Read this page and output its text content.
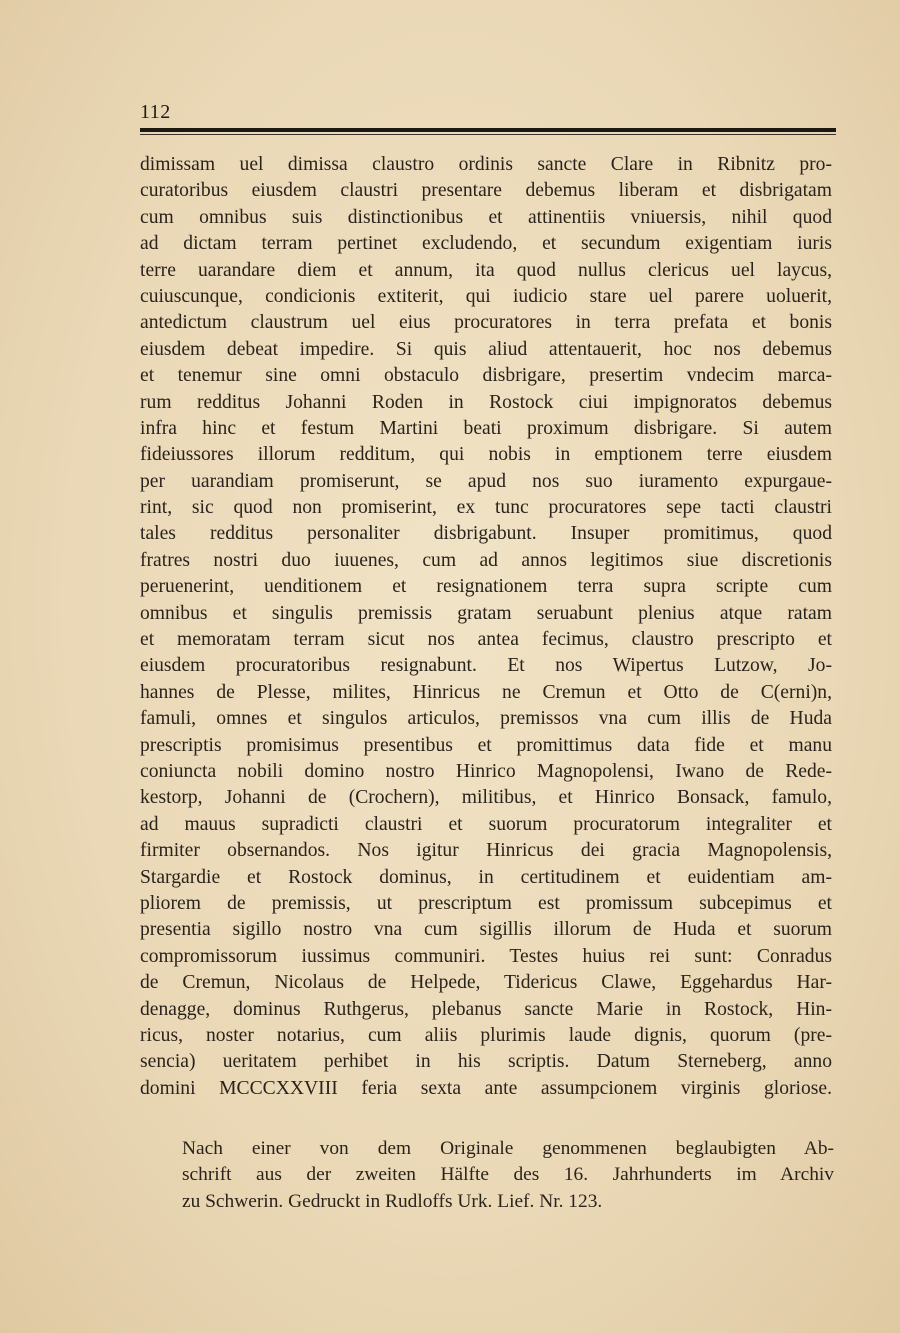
112
dimissam uel dimissa claustro ordinis sancte Clare in Ribnitz pro-
curatoribus eiusdem claustri presentare debemus liberam et disbrigatam
cum omnibus suis distinctionibus et attinentiis vniuersis, nihil quod
ad dictam terram pertinet excludendo, et secundum exigentiam iuris
terre uarandare diem et annum, ita quod nullus clericus uel laycus,
cuiuscunque, condicionis extiterit, qui iudicio stare uel parere uoluerit,
antedictum claustrum uel eius procuratores in terra prefata et bonis
eiusdem debeat impedire. Si quis aliud attentauerit, hoc nos debemus
et tenemur sine omni obstaculo disbrigare, presertim vndecim marca-
rum redditus Johanni Roden in Rostock ciui impignoratos debemus
infra hinc et festum Martini beati proximum disbrigare. Si autem
fideiussores illorum redditum, qui nobis in emptionem terre eiusdem
per uarandiam promiserunt, se apud nos suo iuramento expurgaue-
rint, sic quod non promiserint, ex tunc procuratores sepe tacti claustri
tales redditus personaliter disbrigabunt. Insuper promitimus, quod
fratres nostri duo iuuenes, cum ad annos legitimos siue discretionis
peruenerint, uenditionem et resignationem terra supra scripte cum
omnibus et singulis premissis gratam seruabunt plenius atque ratam
et memoratam terram sicut nos antea fecimus, claustro prescripto et
eiusdem procuratoribus resignabunt. Et nos Wipertus Lutzow, Jo-
hannes de Plesse, milites, Hinricus ne Cremun et Otto de C(erni)n,
famuli, omnes et singulos articulos, premissos vna cum illis de Huda
prescriptis promisimus presentibus et promittimus data fide et manu
coniuncta nobili domino nostro Hinrico Magnopolensi, Iwano de Rede-
kestorp, Johanni de (Crochern), militibus, et Hinrico Bonsack, famulo,
ad mauus supradicti claustri et suorum procuratorum integraliter et
firmiter obsernandos. Nos igitur Hinricus dei gracia Magnopolensis,
Stargardie et Rostock dominus, in certitudinem et euidentiam am-
pliorem de premissis, ut prescriptum est promissum subcepimus et
presentia sigillo nostro vna cum sigillis illorum de Huda et suorum
compromissorum iussimus communiri. Testes huius rei sunt: Conradus
de Cremun, Nicolaus de Helpede, Tidericus Clawe, Eggehardus Har-
denagge, dominus Ruthgerus, plebanus sancte Marie in Rostock, Hin-
ricus, noster notarius, cum aliis plurimis laude dignis, quorum (pre-
sencia) ueritatem perhibet in his scriptis. Datum Sterneberg, anno
domini MCCCXXVIII feria sexta ante assumpcionem virginis gloriose.
Nach einer von dem Originale genommenen beglaubigten Ab-
schrift aus der zweiten Hälfte des 16. Jahrhunderts im Archiv
zu Schwerin. Gedruckt in Rudloffs Urk. Lief. Nr. 123.
